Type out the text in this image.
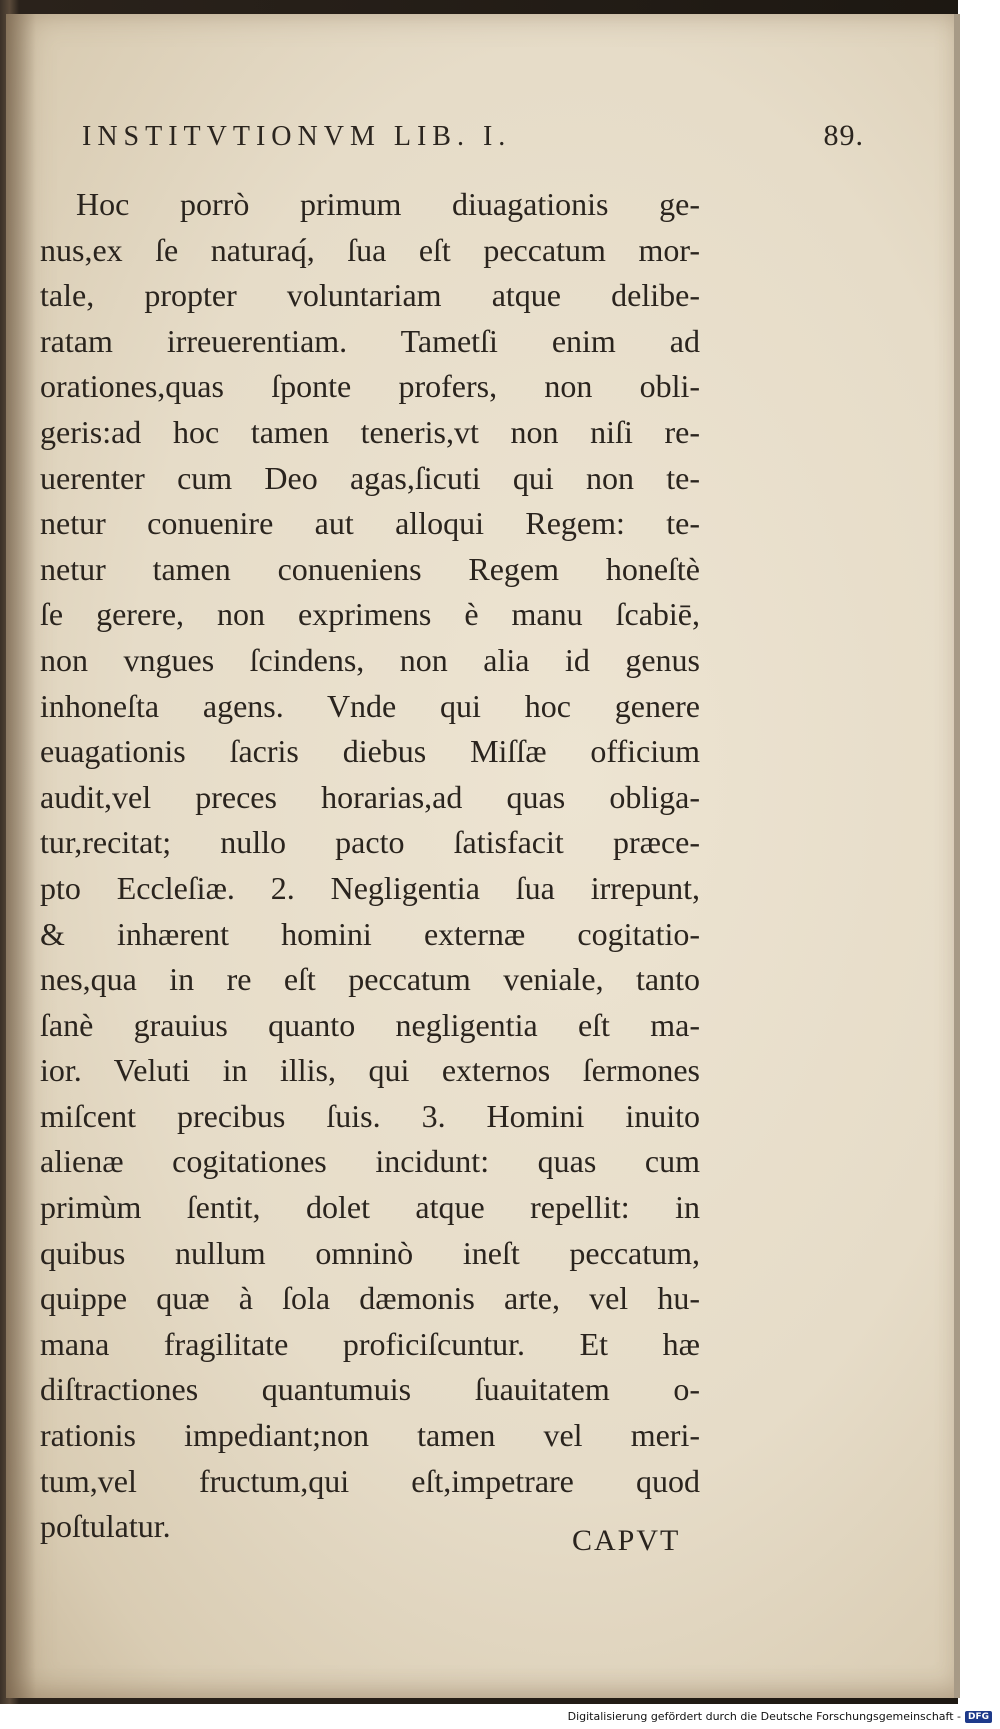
INSTITVTIONVM LIB. I.	89.
Hoc porrò primum diuagationis ge-
nus,ex ſe naturaq́, ſua eſt peccatum mor-
tale, propter voluntariam atque delibe-
ratam irreuerentiam. Tametſi enim ad
orationes,quas ſponte profers, non obli-
geris:ad hoc tamen teneris,vt non niſi re-
uerenter cum Deo agas,ſicuti qui non te-
netur conuenire aut alloqui Regem: te-
netur tamen conueniens Regem honeſtè
ſe gerere, non exprimens è manu ſcabiē,
non vngues ſcindens, non alia id genus
inhoneſta agens. Vnde qui hoc genere
euagationis ſacris diebus Miſſæ officium
audit,vel preces horarias,ad quas obliga-
tur,recitat; nullo pacto ſatisfacit præce-
pto Eccleſiæ. 2. Negligentia ſua irrepunt,
& inhærent homini externæ cogitatio-
nes,qua in re eſt peccatum veniale, tanto
ſanè grauius quanto negligentia eſt ma-
ior. Veluti in illis, qui externos ſermones
miſcent precibus ſuis. 3. Homini inuito
alienæ cogitationes incidunt: quas cum
primùm ſentit, dolet atque repellit: in
quibus nullum omninò ineſt peccatum,
quippe quæ à ſola dæmonis arte, vel hu-
mana fragilitate proficiſcuntur. Et hæ
diſtractiones quantumuis ſuauitatem o-
rationis impediant;non tamen vel meri-
tum,vel fructum,qui eſt,impetrare quod
poſtulatur.	CAPVT
Digitalisierung gefördert durch die Deutsche Forschungsgemeinschaft - DFG
